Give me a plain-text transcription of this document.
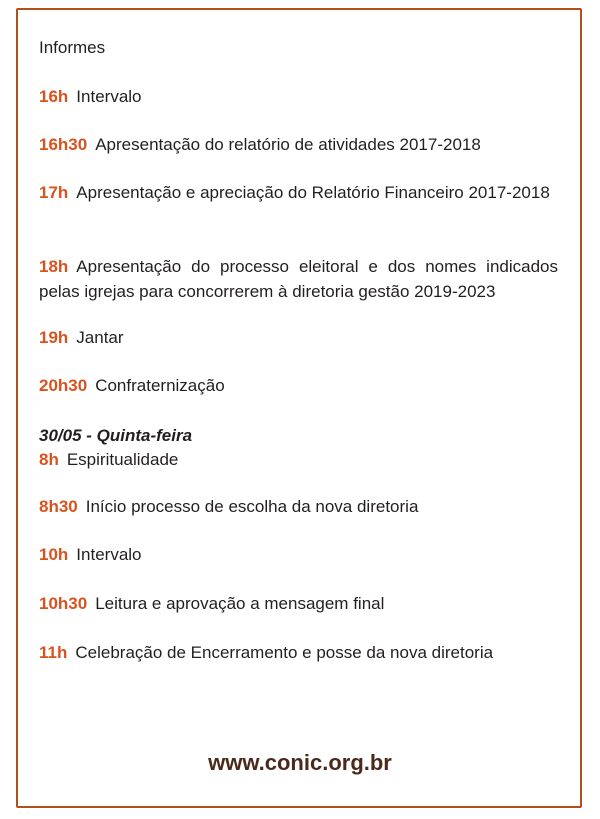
Informes
16h Intervalo
16h30 Apresentação do relatório de atividades 2017-2018
17h Apresentação e apreciação do Relatório Financeiro 2017-2018
18h Apresentação do processo eleitoral e dos nomes indicados pelas igrejas para concorrerem à diretoria gestão 2019-2023
19h Jantar
20h30 Confraternização
30/05 - Quinta-feira
8h Espiritualidade
8h30 Início processo de escolha da nova diretoria
10h Intervalo
10h30 Leitura e aprovação a mensagem final
11h Celebração de Encerramento e posse da nova diretoria
www.conic.org.br
